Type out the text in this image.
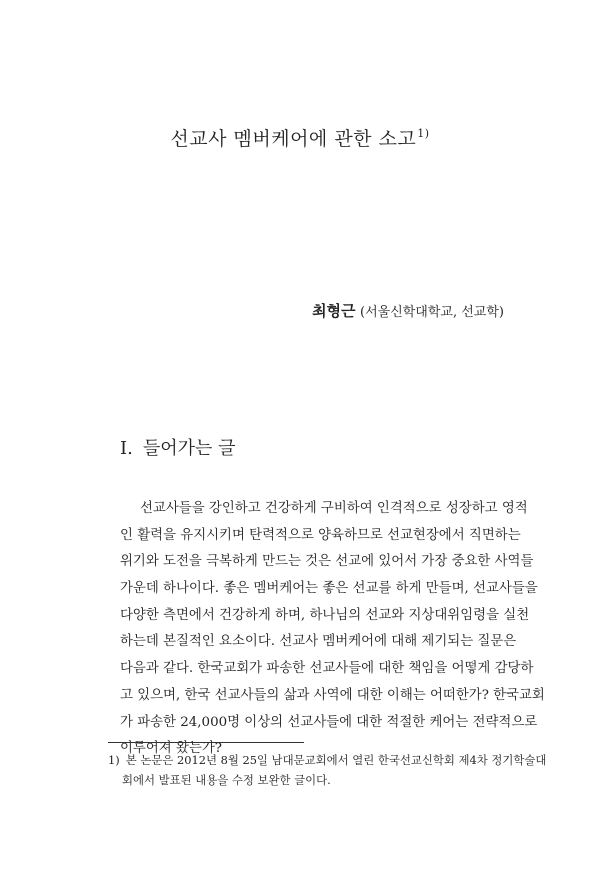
선교사 멤버케어에 관한 소고$^{1)}$
최형근 (서울신학대학교, 선교학)
I. 들어가는 글
선교사들을 강인하고 건강하게 구비하여 인격적으로 성장하고 영적
인 활력을 유지시키며 탄력적으로 양육하므로 선교현장에서 직면하는
위기와 도전을 극복하게 만드는 것은 선교에 있어서 가장 중요한 사역들
가운데 하나이다. 좋은 멤버케어는 좋은 선교를 하게 만들며, 선교사들을
다양한 측면에서 건강하게 하며, 하나님의 선교와 지상대위임령을 실천
하는데 본질적인 요소이다. 선교사 멤버케어에 대해 제기되는 질문은
다음과 같다. 한국교회가 파송한 선교사들에 대한 책임을 어떻게 감당하
고 있으며, 한국 선교사들의 삶과 사역에 대한 이해는 어떠한가? 한국교회
가 파송한 24,000명 이상의 선교사들에 대한 적절한 케어는 전략적으로
이루어져 왔는가?
1) 본 논문은 2012년 8월 25일 남대문교회에서 열린 한국선교신학회 제4차 정기학술대
회에서 발표된 내용을 수정 보완한 글이다.
